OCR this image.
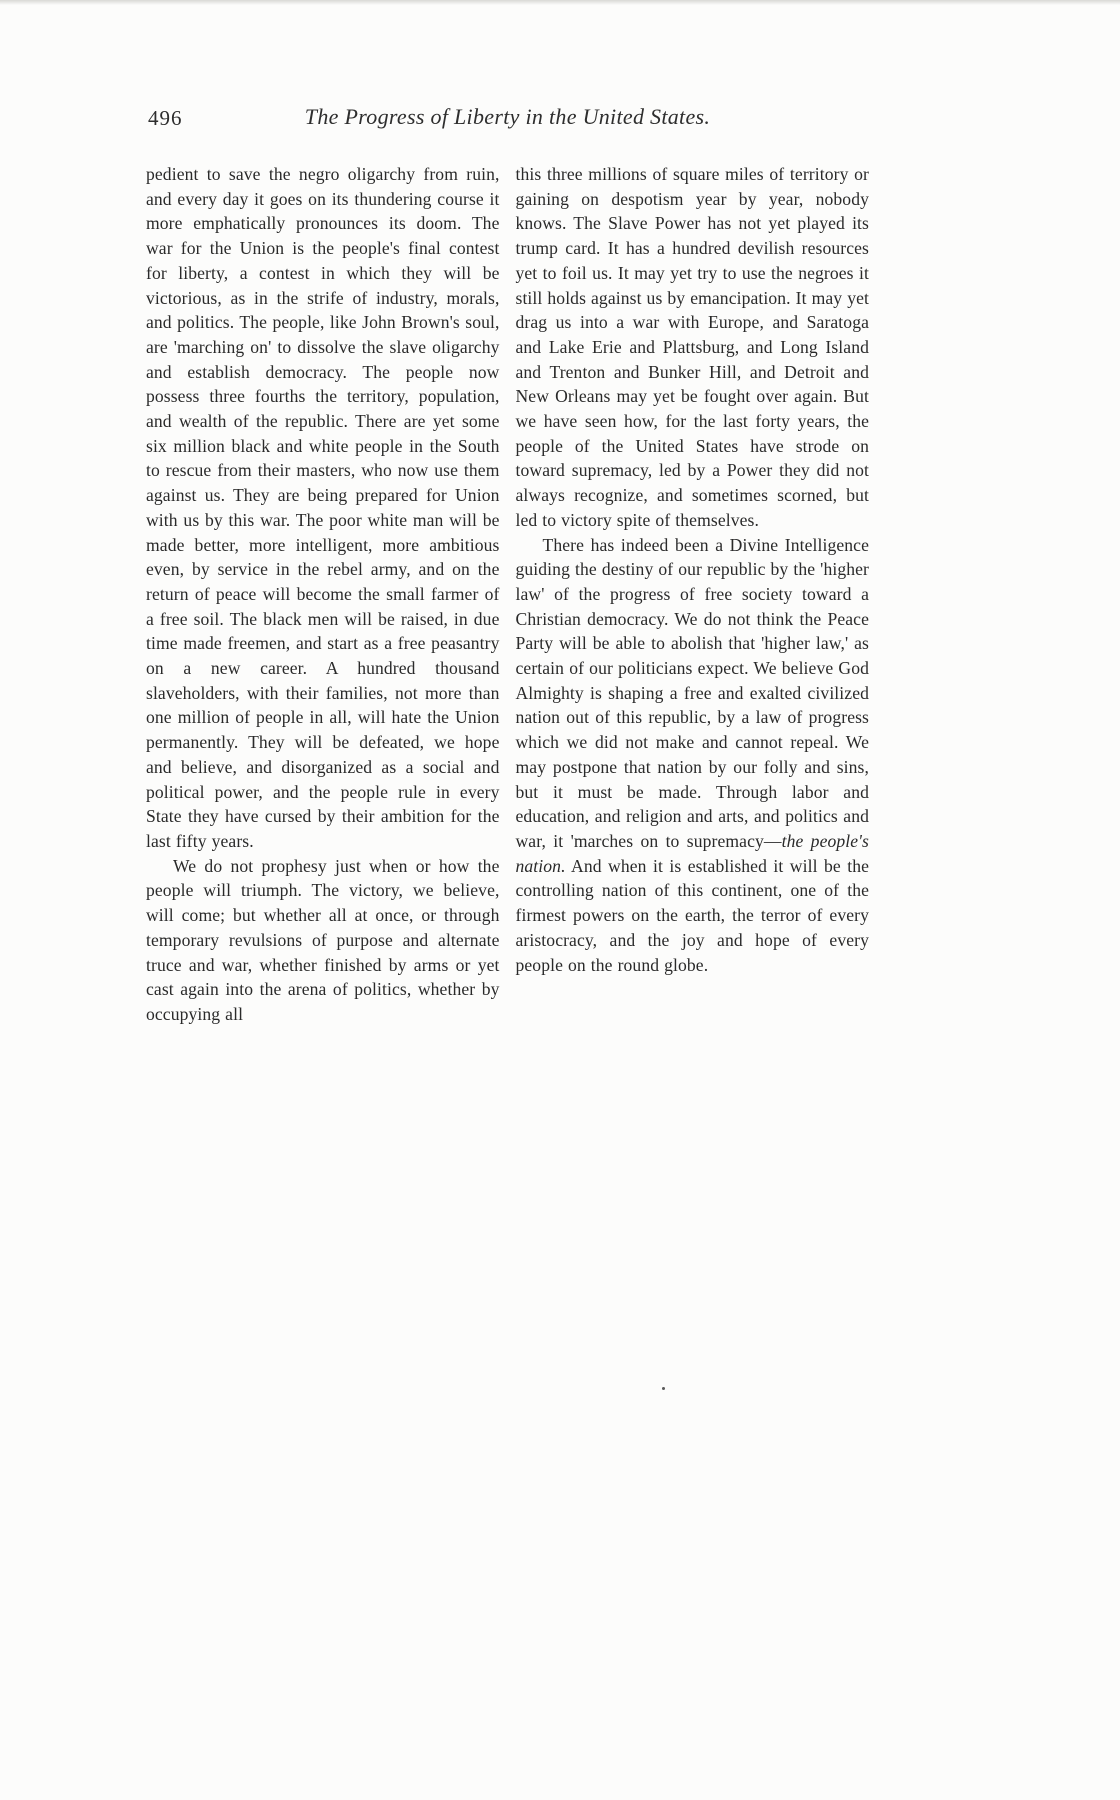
496	The Progress of Liberty in the United States.

pedient to save the negro oligarchy from ruin, and every day it goes on its thundering course it more emphatically pronounces its doom. The war for the Union is the people's final contest for liberty, a contest in which they will be victorious, as in the strife of industry, morals, and politics. The people, like John Brown's soul, are 'marching on' to dissolve the slave oligarchy and establish democracy. The people now possess three fourths the territory, population, and wealth of the republic. There are yet some six million black and white people in the South to rescue from their masters, who now use them against us. They are being prepared for Union with us by this war. The poor white man will be made better, more intelligent, more ambitious even, by service in the rebel army, and on the return of peace will become the small farmer of a free soil. The black men will be raised, in due time made freemen, and start as a free peasantry on a new career. A hundred thousand slaveholders, with their families, not more than one million of people in all, will hate the Union permanently. They will be defeated, we hope and believe, and disorganized as a social and political power, and the people rule in every State they have cursed by their ambition for the last fifty years.

We do not prophesy just when or how the people will triumph. The victory, we believe, will come; but whether all at once, or through temporary revulsions of purpose and alternate truce and war, whether finished by arms or yet cast again into the arena of politics, whether by occupying all

this three millions of square miles of territory or gaining on despotism year by year, nobody knows. The Slave Power has not yet played its trump card. It has a hundred devilish resources yet to foil us. It may yet try to use the negroes it still holds against us by emancipation. It may yet drag us into a war with Europe, and Saratoga and Lake Erie and Plattsburg, and Long Island and Trenton and Bunker Hill, and Detroit and New Orleans may yet be fought over again. But we have seen how, for the last forty years, the people of the United States have strode on toward supremacy, led by a Power they did not always recognize, and sometimes scorned, but led to victory spite of themselves.

There has indeed been a Divine Intelligence guiding the destiny of our republic by the 'higher law' of the progress of free society toward a Christian democracy. We do not think the Peace Party will be able to abolish that 'higher law,' as certain of our politicians expect. We believe God Almighty is shaping a free and exalted civilized nation out of this republic, by a law of progress which we did not make and cannot repeal. We may postpone that nation by our folly and sins, but it must be made. Through labor and education, and religion and arts, and politics and war, it 'marches on to supremacy—the people's nation. And when it is established it will be the controlling nation of this continent, one of the firmest powers on the earth, the terror of every aristocracy, and the joy and hope of every people on the round globe.
